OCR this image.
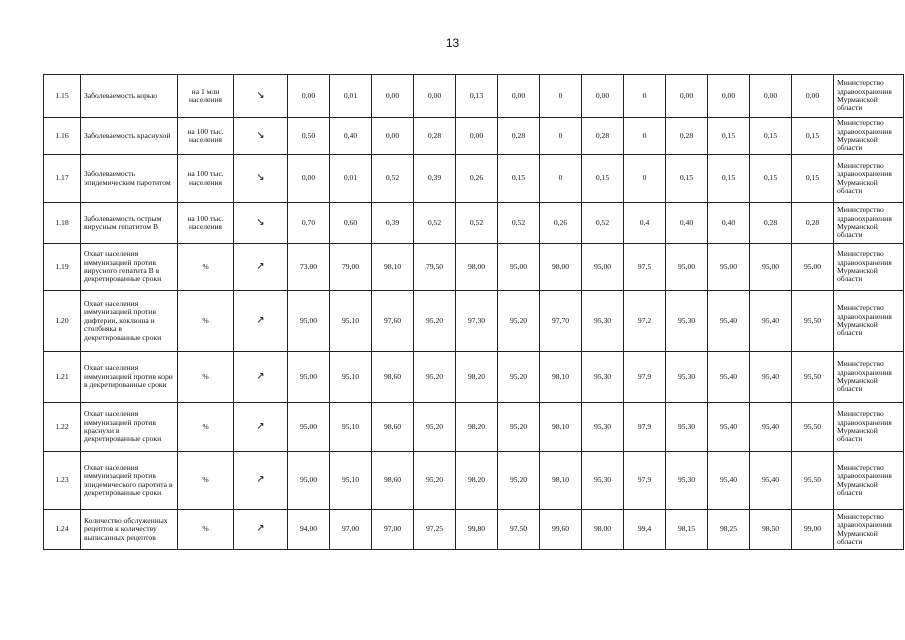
13
1.15	Заболеваемость корью	на 1 млн населения	↘	0,00	0,01	0,00	0,00	0,13	0,00	0	0,00	0	0,00	0,00	0,00	0,00	Министерство здравоохранения Мурманской области
1.16	Заболеваемость краснухой	на 100 тыс. населения	↘	0,50	0,40	0,00	0,28	0,00	0,28	0	0,28	0	0,28	0,15	0,15	0,15	Министерство здравоохранения Мурманской области
1.17	Заболеваемость эпидемическим паротитом	на 100 тыс. населения	↘	0,00	0,01	0,52	0,39	0,26	0,15	0	0,15	0	0,15	0,15	0,15	0,15	Министерство здравоохранения Мурманской области
1.18	Заболеваемость острым вирусным гепатитом В	на 100 тыс. населения	↘	0,70	0,60	0,39	0,52	0,52	0,52	0,26	0,52	0,4	0,40	0,40	0,28	0,28	Министерство здравоохранения Мурманской области
1.19	Охват населения иммунизацией против вирусного гепатита В в декретированные сроки	%	↗	73,00	79,00	98,10	79,50	98,00	95,00	98,00	95,00	97,5	95,00	95,00	95,00	95,00	Министерство здравоохранения Мурманской области
1.20	Охват населения иммунизацией против дифтерии, коклюша и столбняка в декретированные сроки	%	↗	95,00	95,10	97,60	95,20	97,30	95,20	97,70	95,30	97,2	95,30	95,40	95,40	95,50	Министерство здравоохранения Мурманской области
1.21	Охват населения иммунизацией против кори в декретированные сроки	%	↗	95,00	95,10	98,60	95,20	98,20	95,20	98,10	95,30	97,9	95,30	95,40	95,40	95,50	Министерство здравоохранения Мурманской области
1.22	Охват населения иммунизацией против краснухи в декретированные сроки	%	↗	95,00	95,10	98,60	95,20	98,20	95,20	98,10	95,30	97,9	95,30	95,40	95,40	95,50	Министерство здравоохранения Мурманской области
1.23	Охват населения иммунизацией против эпидемического паротита в декретированные сроки	%	↗	95,00	95,10	98,60	95,20	98,20	95,20	98,10	95,30	97,9	95,30	95,40	95,40	95,50	Министерство здравоохранения Мурманской области
1.24	Количество обслуженных рецептов к количеству выписанных рецептов	%	↗	94,00	97,00	97,00	97,25	99,80	97,50	99,60	98,00	99,4	98,15	98,25	98,50	99,00	Министерство здравоохранения Мурманской области
